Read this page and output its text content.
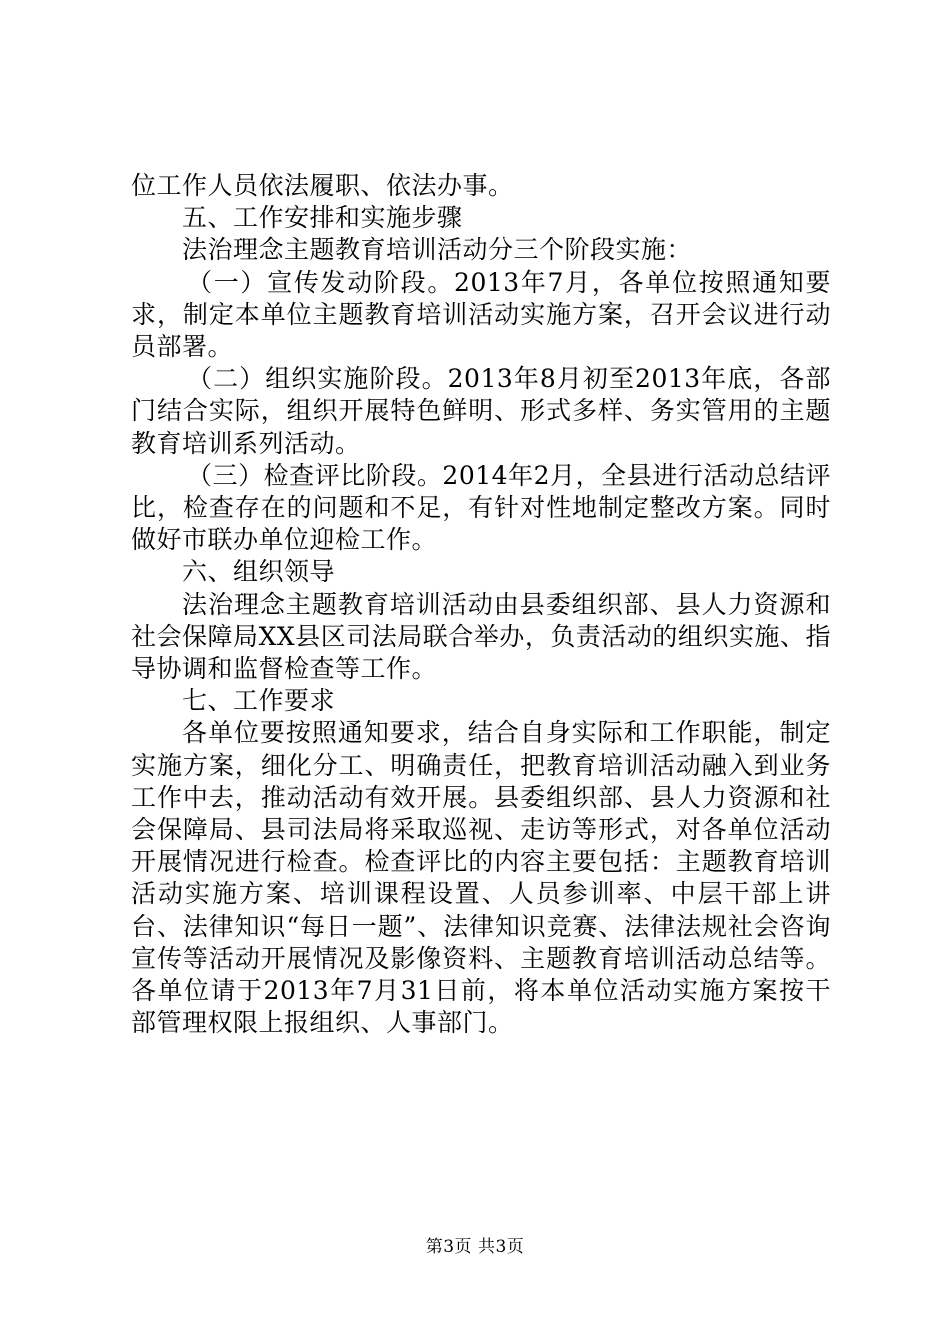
位工作人员依法履职、依法办事。

五、工作安排和实施步骤

法治理念主题教育培训活动分三个阶段实施：

（一）宣传发动阶段。2013年7月，各单位按照通知要求，制定本单位主题教育培训活动实施方案，召开会议进行动员部署。

（二）组织实施阶段。2013年8月初至2013年底，各部门结合实际，组织开展特色鲜明、形式多样、务实管用的主题教育培训系列活动。

（三）检查评比阶段。2014年2月，全县进行活动总结评比，检查存在的问题和不足，有针对性地制定整改方案。同时做好市联办单位迎检工作。

六、组织领导

法治理念主题教育培训活动由县委组织部、县人力资源和社会保障局XX县区司法局联合举办，负责活动的组织实施、指导协调和监督检查等工作。

七、工作要求

各单位要按照通知要求，结合自身实际和工作职能，制定实施方案，细化分工、明确责任，把教育培训活动融入到业务工作中去，推动活动有效开展。县委组织部、县人力资源和社会保障局、县司法局将采取巡视、走访等形式，对各单位活动开展情况进行检查。检查评比的内容主要包括：主题教育培训活动实施方案、培训课程设置、人员参训率、中层干部上讲台、法律知识“每日一题”、法律知识竞赛、法律法规社会咨询宣传等活动开展情况及影像资料、主题教育培训活动总结等。各单位请于2013年7月31日前，将本单位活动实施方案按干部管理权限上报组织、人事部门。

第3页 共3页
